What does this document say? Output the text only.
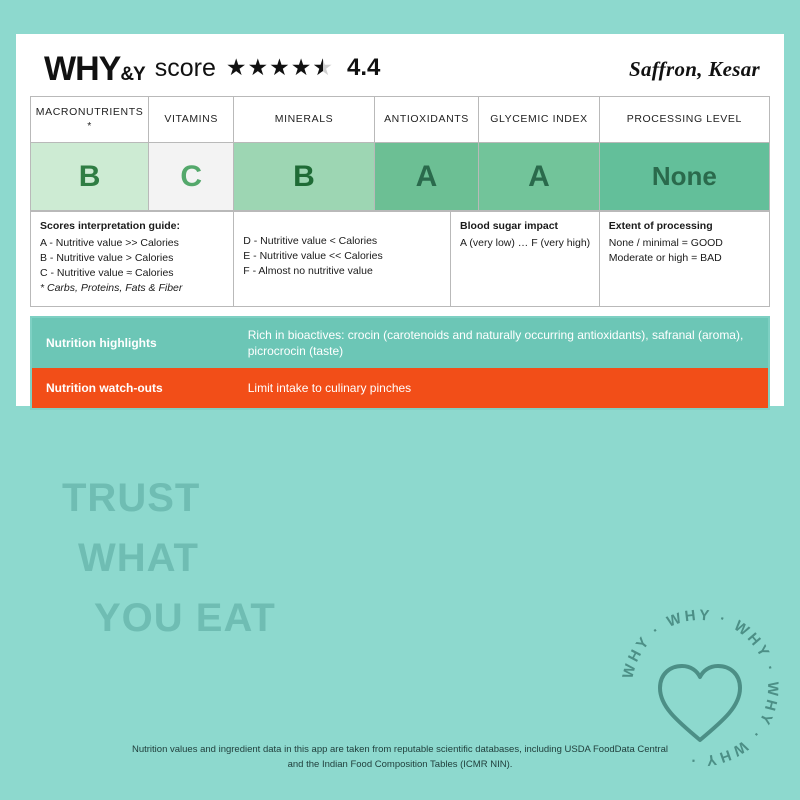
WHY&Y score ★ ★ ★ ★ ★ ★ 4.4	Saffron, Kesar
MACRONUTRIENTS *
B
VITAMINS
C
MINERALS
B
ANTIOXIDANTS
A
GLYCEMIC INDEX
A
PROCESSING LEVEL
None
Scores interpretation guide:
A - Nutritive value >> Calories
B - Nutritive value > Calories
C - Nutritive value ≈ Calories
* Carbs, Proteins, Fats & Fiber
D - Nutritive value < Calories
E - Nutritive value << Calories
F - Almost no nutritive value
Blood sugar impact
A (very low) … F (very high)
Extent of processing
None / minimal = GOOD
Moderate or high = BAD
Nutrition highlights
Rich in bioactives: crocin (carotenoids and naturally occurring antioxidants), safranal (aroma), picrocrocin (taste)
Nutrition watch-outs	Limit intake to culinary pinches
TRUST
WHAT
YOU EAT
Nutrition values and ingredient data in this app are taken from reputable scientific databases, including USDA FoodData Central
and the Indian Food Composition Tables (ICMR NIN).
WHY · WHY · WHY · WHY · WHY ·
